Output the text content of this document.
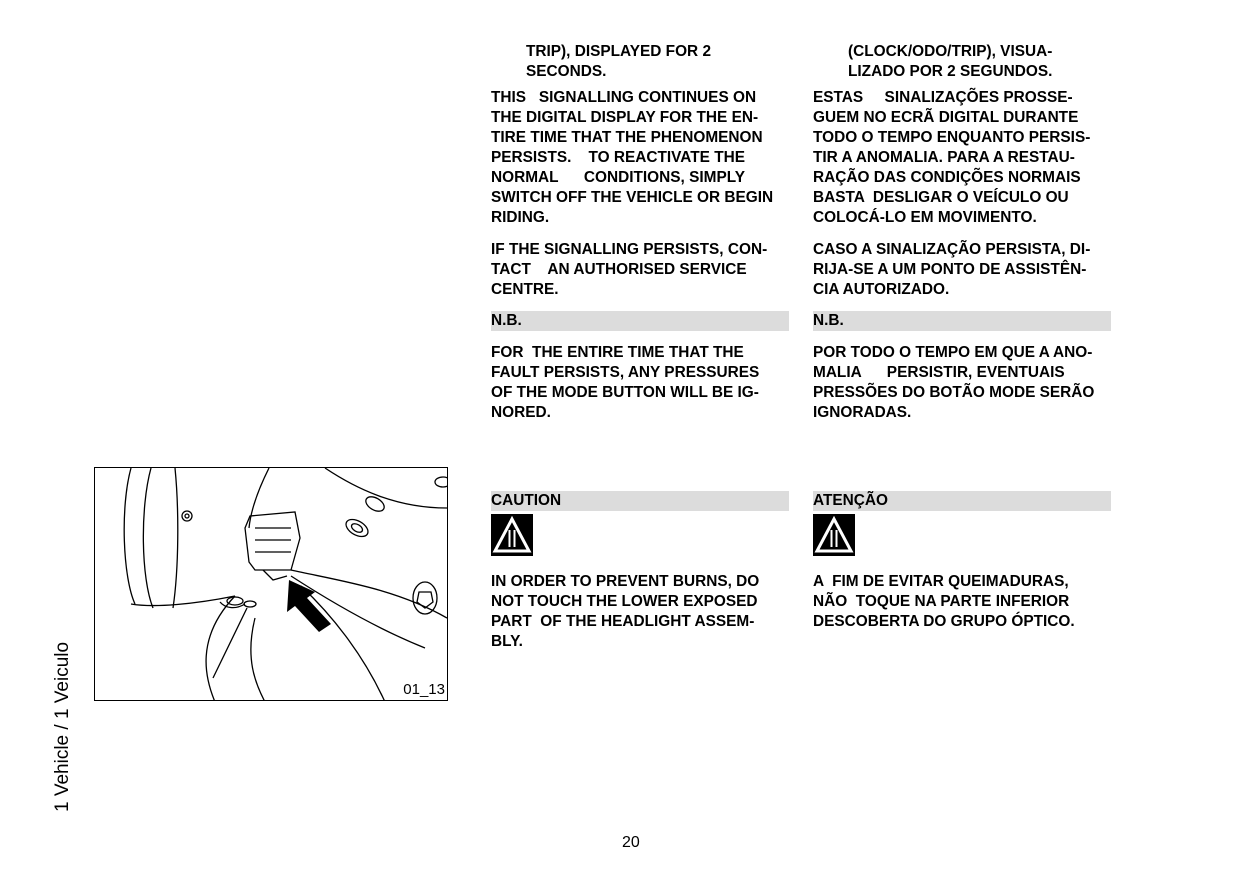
TRIP), DISPLAYED FOR 2

SECONDS.

THIS   SIGNALLING CONTINUES ON

THE DIGITAL DISPLAY FOR THE EN-

TIRE TIME THAT THE PHENOMENON

PERSISTS.    TO REACTIVATE THE

NORMAL      CONDITIONS, SIMPLY

SWITCH OFF THE VEHICLE OR BEGIN

RIDING.

IF THE SIGNALLING PERSISTS, CON-

TACT    AN AUTHORISED SERVICE

CENTRE.

N.B.

FOR  THE ENTIRE TIME THAT THE

FAULT PERSISTS, ANY PRESSURES

OF THE MODE BUTTON WILL BE IG-

NORED.

CAUTION

IN ORDER TO PREVENT BURNS, DO

NOT TOUCH THE LOWER EXPOSED

PART  OF THE HEADLIGHT ASSEM-

BLY.

(CLOCK/ODO/TRIP), VISUA-

LIZADO POR 2 SEGUNDOS.

ESTAS     SINALIZAÇÕES PROSSE-

GUEM NO ECRÃ DIGITAL DURANTE

TODO O TEMPO ENQUANTO PERSIS-

TIR A ANOMALIA. PARA A RESTAU-

RAÇÃO DAS CONDIÇÕES NORMAIS

BASTA  DESLIGAR O VEÍCULO OU

COLOCÁ-LO EM MOVIMENTO.

CASO A SINALIZAÇÃO PERSISTA, DI-

RIJA-SE A UM PONTO DE ASSISTÊN-

CIA AUTORIZADO.

N.B.

POR TODO O TEMPO EM QUE A ANO-

MALIA      PERSISTIR, EVENTUAIS

PRESSÕES DO BOTÃO MODE SERÃO

IGNORADAS.

ATENÇÃO

A  FIM DE EVITAR QUEIMADURAS,

NÃO  TOQUE NA PARTE INFERIOR

DESCOBERTA DO GRUPO ÓPTICO.

01_13
1 Vehicle / 1 Veiculo
20
